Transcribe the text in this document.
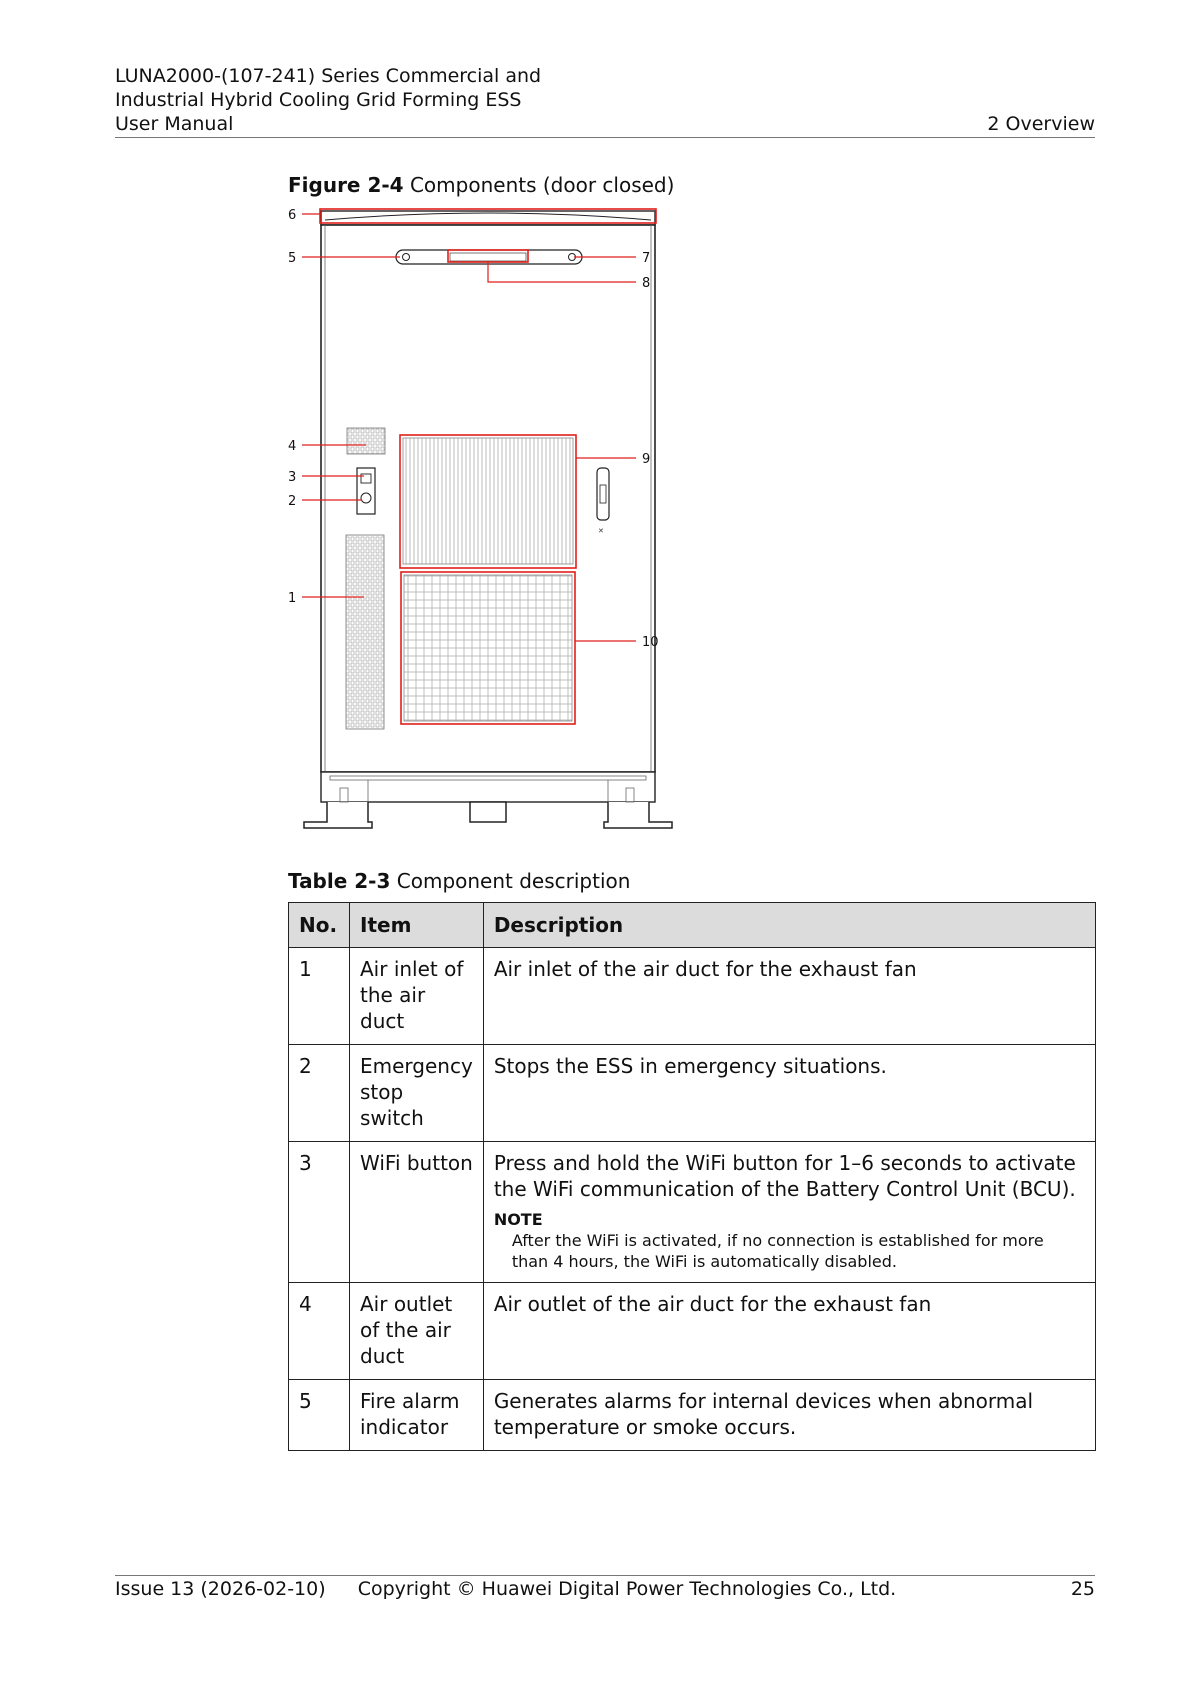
LUNA2000-(107-241) Series Commercial and
Industrial Hybrid Cooling Grid Forming ESS
User Manual	2 Overview
Figure 2-4 Components (door closed)
✕
6
5	7
8
4
9
3
2
1
10
Table 2-3 Component description
No.	Item	Description
1	Air inlet of the air duct	Air inlet of the air duct for the exhaust fan
2	Emergency stop switch	Stops the ESS in emergency situations.
3	WiFi button	Press and hold the WiFi button for 1–6 seconds to activate the WiFi communication of the Battery Control Unit (BCU).
NOTE
After the WiFi is activated, if no connection is established for more than 4 hours, the WiFi is automatically disabled.

4	Air outlet of the air duct	Air outlet of the air duct for the exhaust fan
5	Fire alarm indicator	Generates alarms for internal devices when abnormal temperature or smoke occurs.
Issue 13 (2026-02-10) Copyright © Huawei Digital Power Technologies Co., Ltd.	25
